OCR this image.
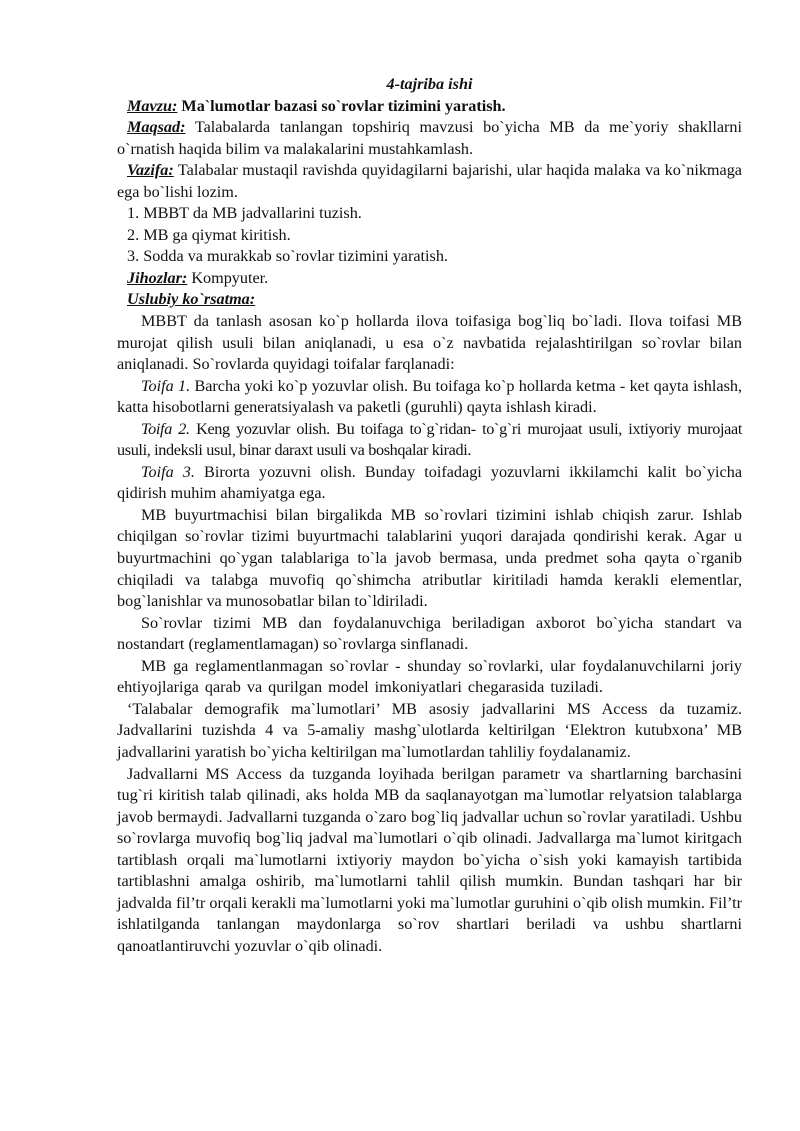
4-tajriba ishi
Mavzu: Ma`lumotlar bazasi so`rovlar tizimini yaratish.
Maqsad: Talabalarda tanlangan topshiriq mavzusi bo`yicha MB da me`yoriy shakllarni o`rnatish haqida bilim va malakalarini mustahkamlash.
Vazifa: Talabalar mustaqil ravishda quyidagilarni bajarishi, ular haqida malaka va ko`nikmaga ega bo`lishi lozim.
1. MBBT da MB jadvallarini tuzish.
2. MB ga qiymat kiritish.
3. Sodda va murakkab so`rovlar tizimini yaratish.
Jihozlar: Kompyuter.
Uslubiy ko`rsatma:
MBBT da tanlash asosan ko`p hollarda ilova toifasiga bog`liq bo`ladi. Ilova toifasi MB murojat qilish usuli bilan aniqlanadi, u esa o`z navbatida rejalashtirilgan so`rovlar bilan aniqlanadi. So`rovlarda quyidagi toifalar farqlanadi:
Toifa 1. Barcha yoki ko`p yozuvlar olish. Bu toifaga ko`p hollarda ketma - ket qayta ishlash, katta hisobotlarni generatsiyalash va paketli (guruhli) qayta ishlash kiradi.
Toifa 2. Keng yozuvlar olish. Bu toifaga to`g`ridan- to`g`ri murojaat usuli, ixtiyoriy murojaat usuli, indeksli usul, binar daraxt usuli va boshqalar kiradi.
Toifa 3. Birorta yozuvni olish. Bunday toifadagi yozuvlarni ikkilamchi kalit bo`yicha qidirish muhim ahamiyatga ega.
MB buyurtmachisi bilan birgalikda MB so`rovlari tizimini ishlab chiqish zarur. Ishlab chiqilgan so`rovlar tizimi buyurtmachi talablarini yuqori darajada qondirishi kerak. Agar u buyurtmachini qo`ygan talablariga to`la javob bermasa, unda predmet soha qayta o`rganib chiqiladi va talabga muvofiq qo`shimcha atributlar kiritiladi hamda kerakli elementlar, bog`lanishlar va munosobatlar bilan to`ldiriladi.
So`rovlar tizimi MB dan foydalanuvchiga beriladigan axborot bo`yicha standart va nostandart (reglamentlamagan) so`rovlarga sinflanadi.
MB ga reglamentlanmagan so`rovlar - shunday so`rovlarki, ular foydalanuvchilarni joriy ehtiyojlariga qarab va qurilgan model imkoniyatlari chegarasida tuziladi.
‘Talabalar demografik ma`lumotlari’ MB asosiy jadvallarini MS Access da tuzamiz. Jadvallarini tuzishda 4 va 5-amaliy mashg`ulotlarda keltirilgan ‘Elektron kutubxona’ MB jadvallarini yaratish bo`yicha keltirilgan ma`lumotlardan tahliliy foydalanamiz.
Jadvallarni MS Access da tuzganda loyihada berilgan parametr va shartlarning barchasini tug`ri kiritish talab qilinadi, aks holda MB da saqlanayotgan ma`lumotlar relyatsion talablarga javob bermaydi. Jadvallarni tuzganda o`zaro bog`liq jadvallar uchun so`rovlar yaratiladi. Ushbu so`rovlarga muvofiq bog`liq jadval ma`lumotlari o`qib olinadi. Jadvallarga ma`lumot kiritgach tartiblash orqali ma`lumotlarni ixtiyoriy maydon bo`yicha o`sish yoki kamayish tartibida tartiblashni amalga oshirib, ma`lumotlarni tahlil qilish mumkin. Bundan tashqari har bir jadvalda fil’tr orqali kerakli ma`lumotlarni yoki ma`lumotlar guruhini o`qib olish mumkin. Fil’tr ishlatilganda tanlangan maydonlarga so`rov shartlari beriladi va ushbu shartlarni qanoatlantiruvchi yozuvlar o`qib olinadi.
